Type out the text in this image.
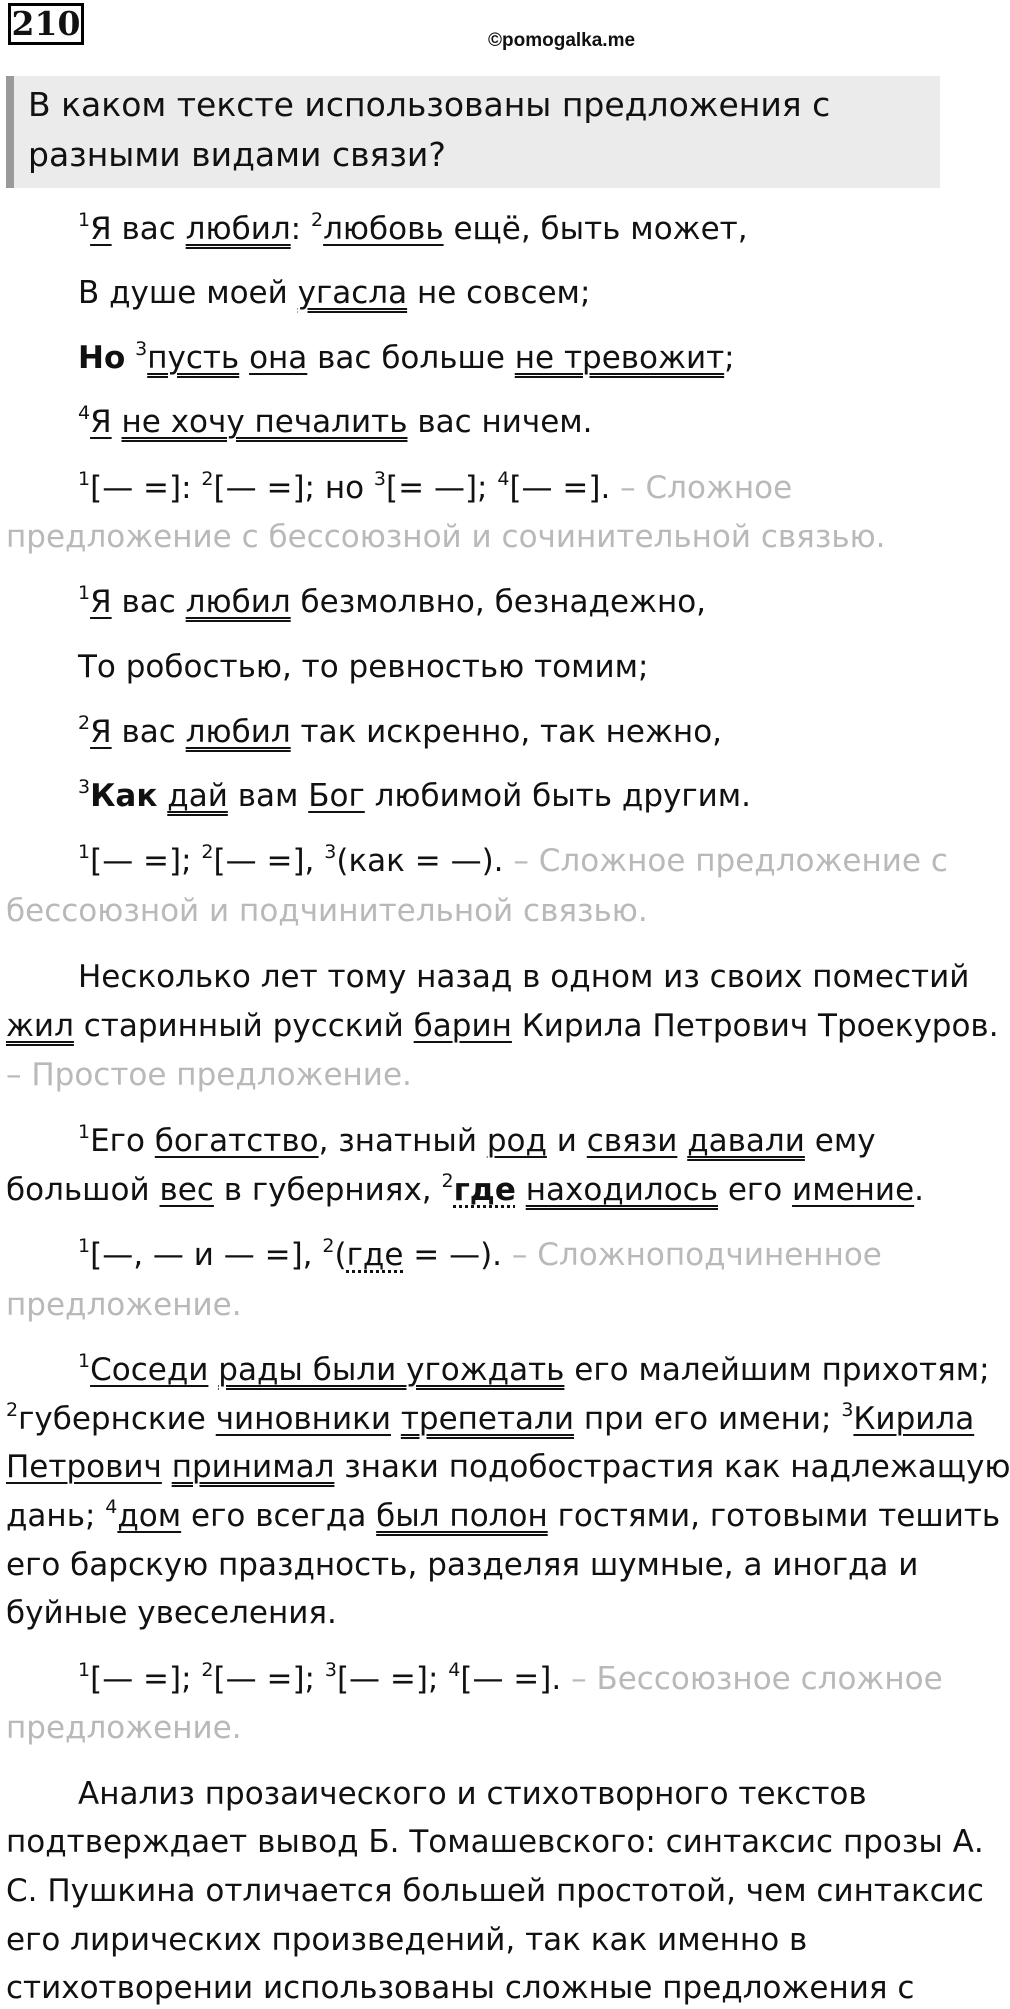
210	©pomogalka.me
В каком тексте использованы предложения с разными видами связи?
$^1$Я вас любил: $^2$любовь ещё, быть может,
В душе моей угасла не совсем;
Но $^3$пусть она вас больше не тревожит;
$^4$Я не хочу печалить вас ничем.
$^1$[— =]: $^2$[— =]; но $^3$[= —]; $^4$[— =]. – Сложное
предложение с бессоюзной и сочинительной связью.
$^1$Я вас любил безмолвно, безнадежно,
То робостью, то ревностью томим;
$^2$Я вас любил так искренно, так нежно,
$^3$Как дай вам Бог любимой быть другим.
$^1$[— =]; $^2$[— =], $^3$(как = —). – Сложное предложение с
бессоюзной и подчинительной связью.
Несколько лет тому назад в одном из своих поместий
жил старинный русский барин Кирила Петрович Троекуров.
– Простое предложение.
$^1$Его богатство, знатный род и связи давали ему
большой вес в губерниях, $^2$где находилось его имение.
$^1$[—, — и — =], $^2$(где = —). – Сложноподчиненное
предложение.
$^1$Соседи рады были угождать его малейшим прихотям;
$^2$губернские чиновники трепетали при его имени; $^3$Кирила
Петрович принимал знаки подобострастия как надлежащую
дань; $^4$дом его всегда был полон гостями, готовыми тешить
его барскую праздность, разделяя шумные, а иногда и
буйные увеселения.
$^1$[— =]; $^2$[— =]; $^3$[— =]; $^4$[— =]. – Бессоюзное сложное
предложение.
Анализ прозаического и стихотворного текстов
подтверждает вывод Б. Томашевского: синтаксис прозы А.
С. Пушкина отличается большей простотой, чем синтаксис
его лирических произведений, так как именно в
стихотворении использованы сложные предложения с
